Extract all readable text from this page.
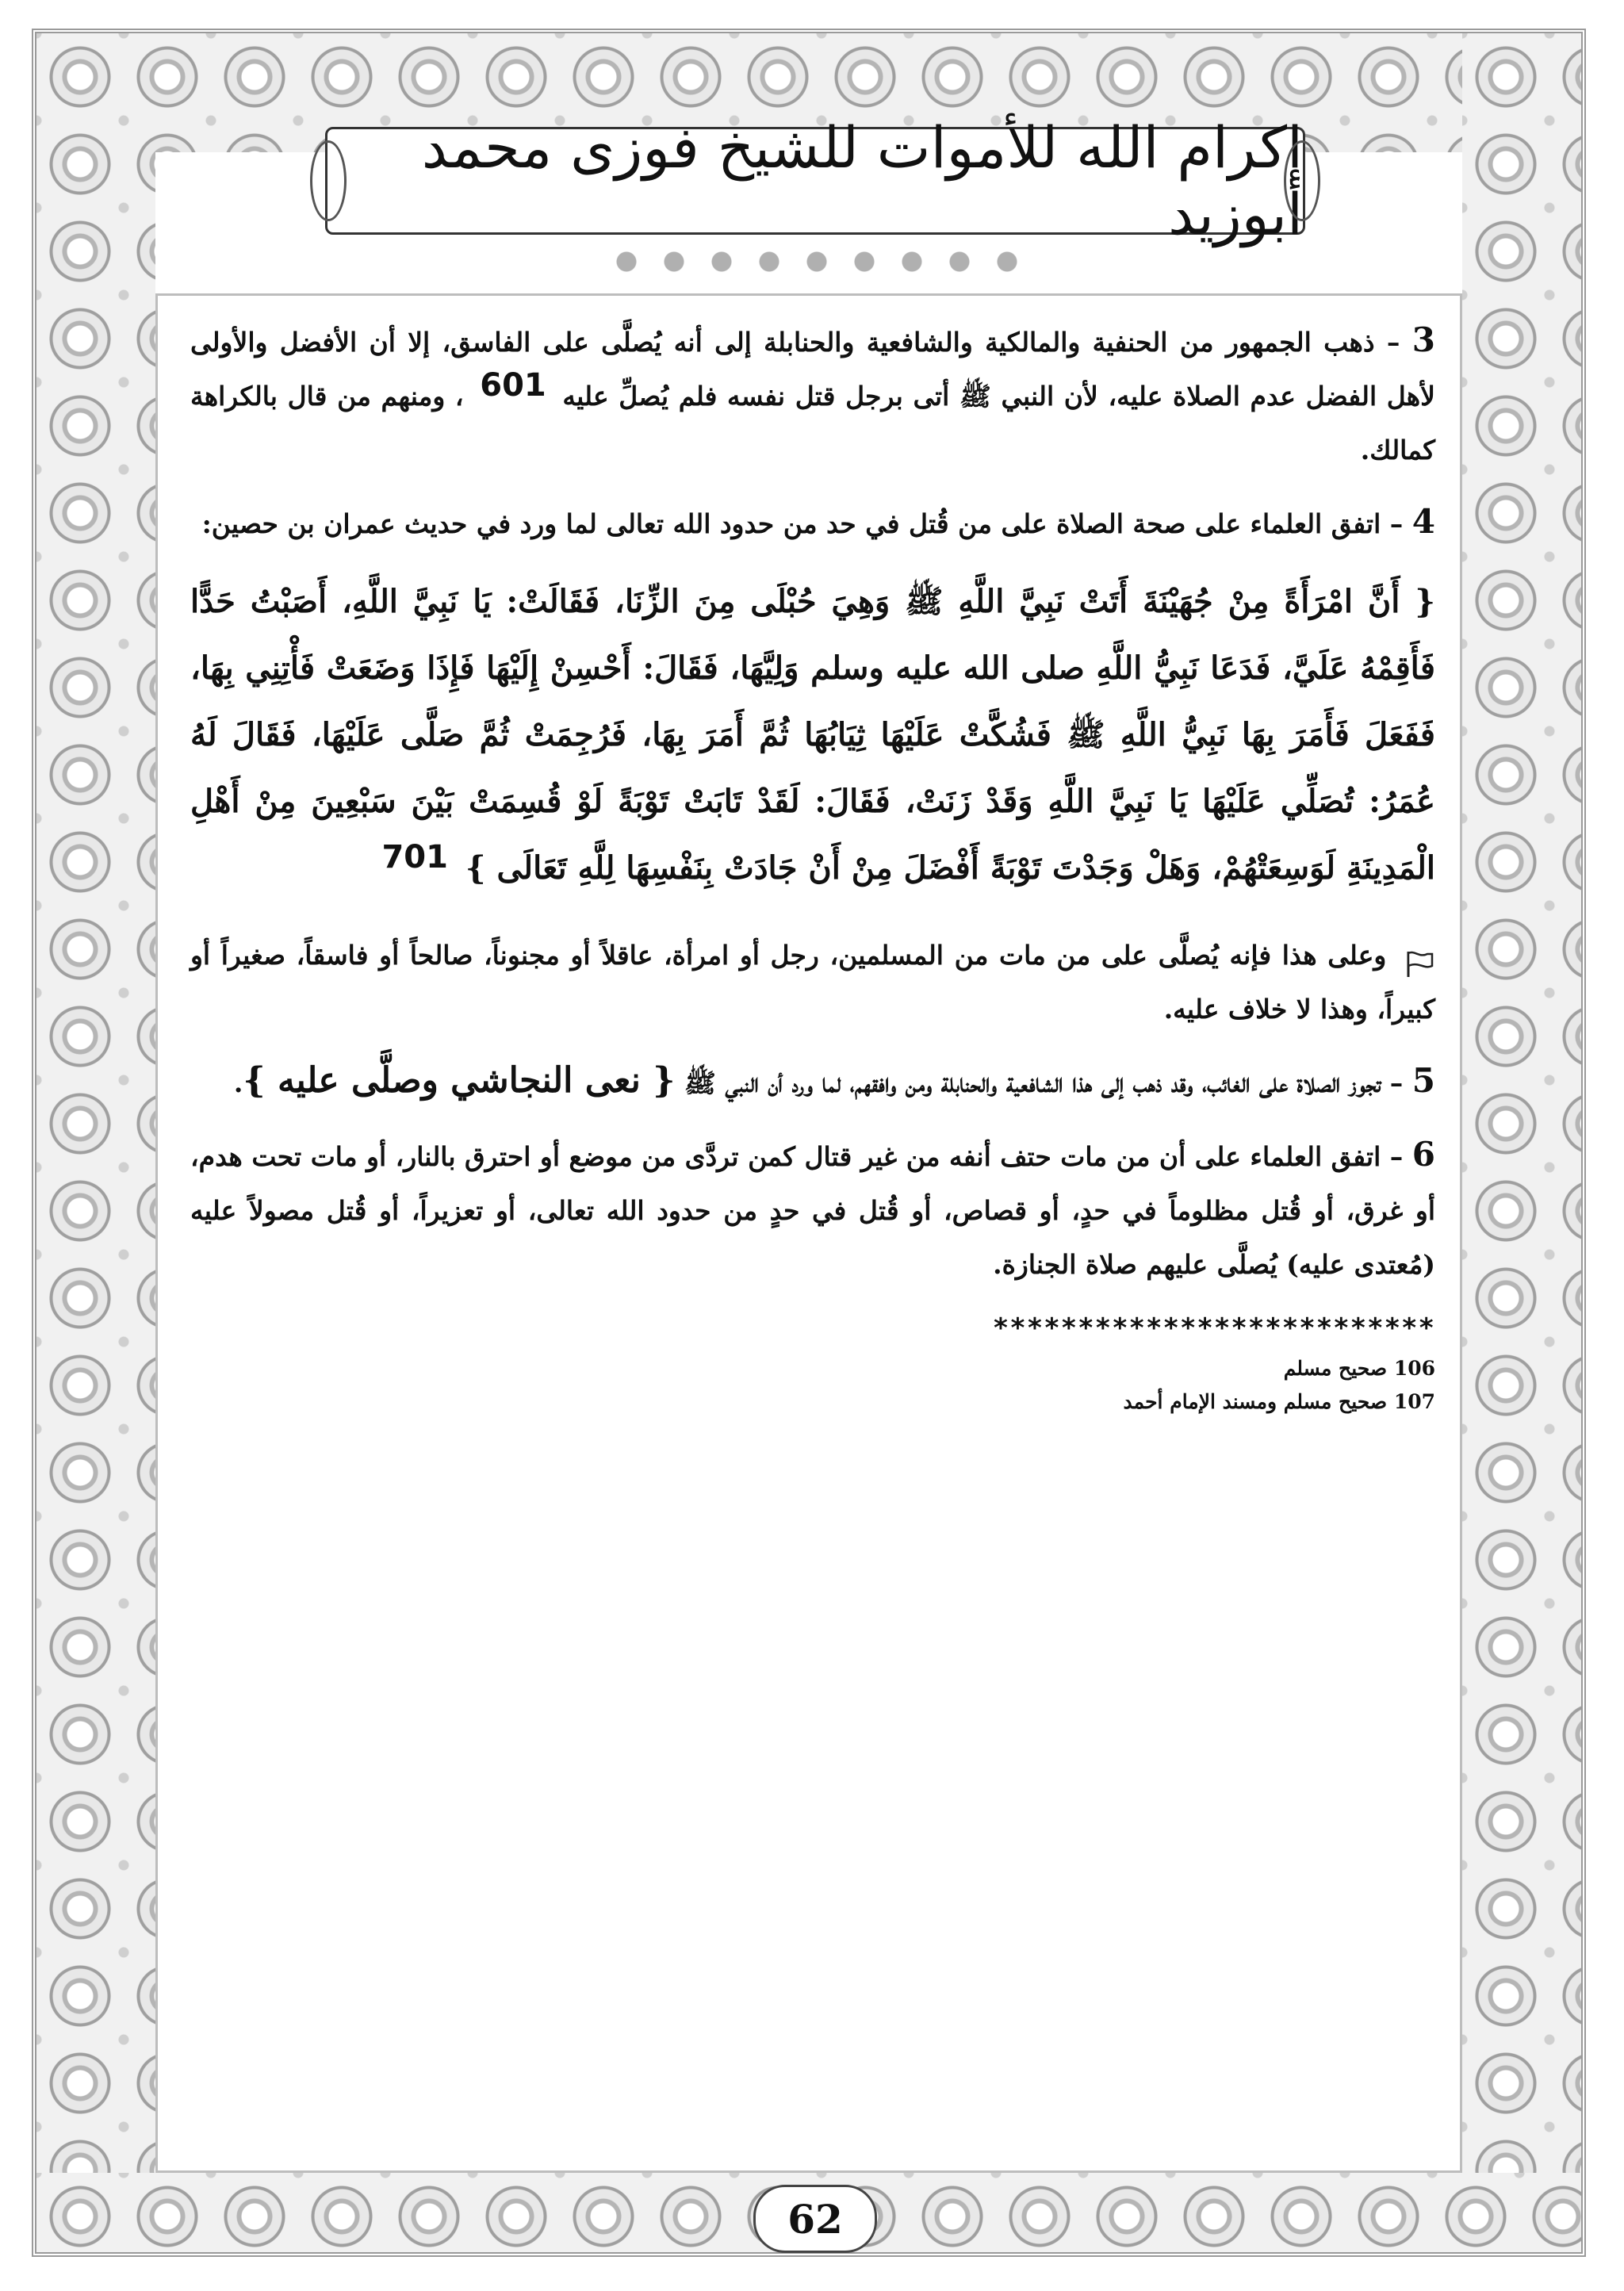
إكرام الله للأموات للشيخ فوزى محمد أبوزيد

3 – ذهب الجمهور من الحنفية والمالكية والشافعية والحنابلة إلى أنه يُصلَّى على الفاسق، إلا أن الأفضل والأولى لأهل الفضل عدم الصلاة عليه، لأن النبي ﷺ أتى برجل قتل نفسه فلم يُصلِّ عليه 601 ، ومنهم من قال بالكراهة كمالك.

4 – اتفق العلماء على صحة الصلاة على من قُتل في حد من حدود الله تعالى لما ورد في حديث عمران بن حصين:

{ أَنَّ امْرَأَةً مِنْ جُهَيْنَةَ أَتَتْ نَبِيَّ اللَّهِ ﷺ وَهِيَ حُبْلَى مِنَ الزِّنَا، فَقَالَتْ: يَا نَبِيَّ اللَّهِ، أَصَبْتُ حَدًّا فَأَقِمْهُ عَلَيَّ، فَدَعَا نَبِيُّ اللَّهِ صلى الله عليه وسلم وَلِيَّهَا، فَقَالَ: أَحْسِنْ إِلَيْهَا فَإِذَا وَضَعَتْ فَأْتِنِي بِهَا، فَفَعَلَ فَأَمَرَ بِهَا نَبِيُّ اللَّهِ ﷺ فَشُكَّتْ عَلَيْهَا ثِيَابُهَا ثُمَّ أَمَرَ بِهَا، فَرُجِمَتْ ثُمَّ صَلَّى عَلَيْهَا، فَقَالَ لَهُ عُمَرُ: تُصَلِّي عَلَيْهَا يَا نَبِيَّ اللَّهِ وَقَدْ زَنَتْ، فَقَالَ: لَقَدْ تَابَتْ تَوْبَةً لَوْ قُسِمَتْ بَيْنَ سَبْعِينَ مِنْ أَهْلِ الْمَدِينَةِ لَوَسِعَتْهُمْ، وَهَلْ وَجَدْتَ تَوْبَةً أَفْضَلَ مِنْ أَنْ جَادَتْ بِنَفْسِهَا لِلَّهِ تَعَالَى } 701

وعلى هذا فإنه يُصلَّى على من مات من المسلمين، رجل أو امرأة، عاقلاً أو مجنوناً، صالحاً أو فاسقاً، صغيراً أو كبيراً، وهذا لا خلاف عليه.

5 – تجوز الصلاة على الغائب، وقد ذهب إلى هذا الشافعية والحنابلة ومن وافقهم، لما ورد أن النبي ﷺ { نعى النجاشي وصلَّى عليه }.

6 – اتفق العلماء على أن من مات حتف أنفه من غير قتال كمن تردَّى من موضع أو احترق بالنار، أو مات تحت هدم، أو غرق، أو قُتل مظلوماً في حدٍ، أو قصاص، أو قُتل في حدٍ من حدود الله تعالى، أو تعزيراً، أو قُتل مصولاً عليه (مُعتدى عليه) يُصلَّى عليهم صلاة الجنازة.

**************************
106 صحيح مسلم
107 صحيح مسلم ومسند الإمام أحمد
62
